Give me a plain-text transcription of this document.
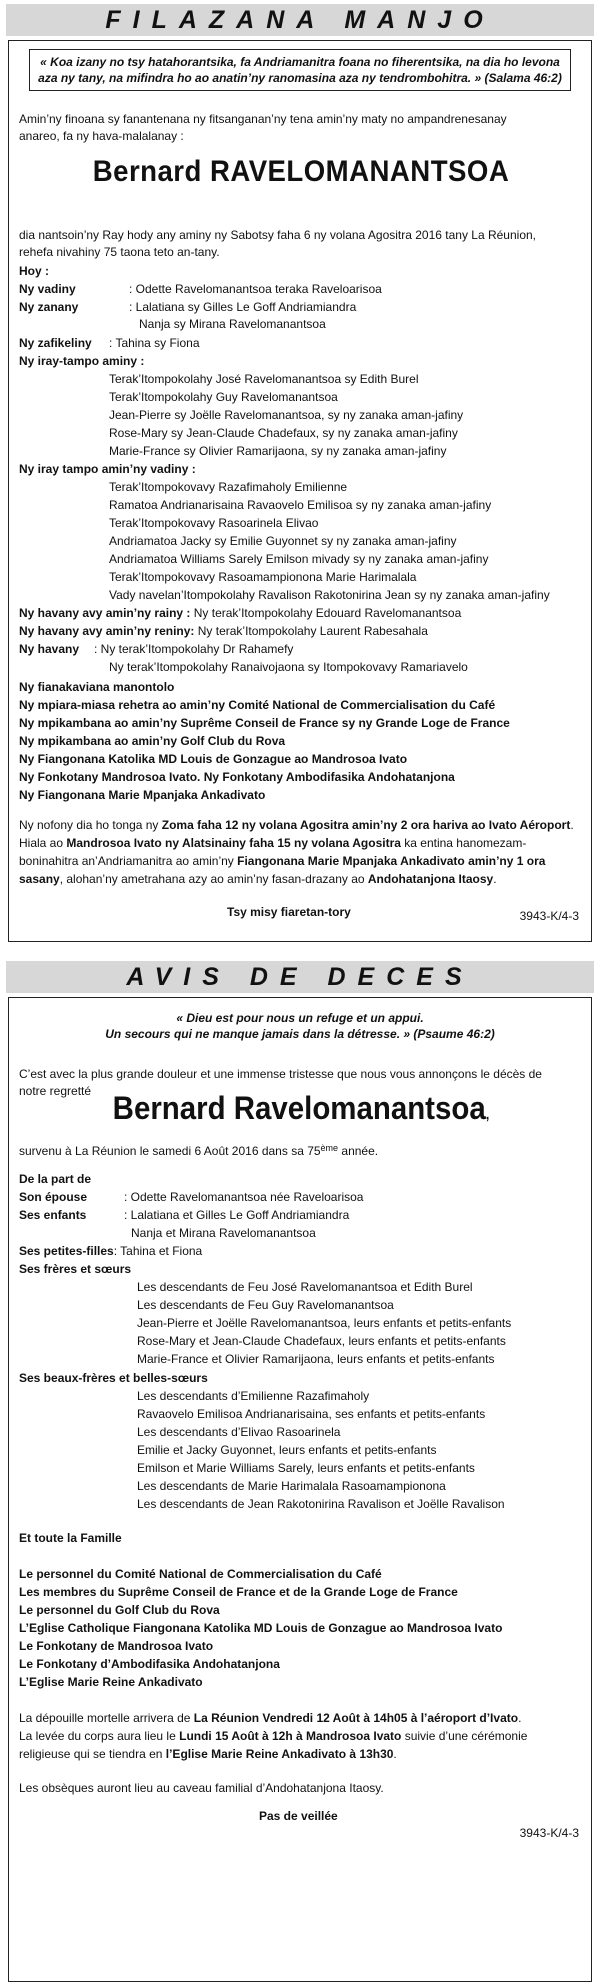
FILAZANA MANJO
« Koa izany no tsy hatahorantsika, fa Andriamanitra foana no fiherentsika, na dia ho levona aza ny tany, na mifindra ho ao anatin’ny ranomasina aza ny tendrombohitra. » (Salama 46:2)
Amin’ny finoana sy fanantenana ny fitsanganan’ny tena amin’ny maty no ampandrenesanay
anareo, fa ny hava-malalanay :
Bernard RAVELOMANANTSOA
dia nantsoin’ny Ray hody any aminy ny Sabotsy faha 6 ny volana Agositra 2016 tany La Réunion,
rehefa nivahiny 75 taona teto an-tany.
Hoy :
Ny vadiny	: Odette Ravelomanantsoa teraka Raveloarisoa
Ny zanany	: Lalatiana sy Gilles Le Goff Andriamiandra
Nanja sy Mirana Ravelomanantsoa
Ny zafikeliny : Tahina sy Fiona
Ny iray-tampo aminy :
Terak’Itompokolahy José Ravelomanantsoa sy Edith Burel
Terak’Itompokolahy Guy Ravelomanantsoa
Jean-Pierre sy Joëlle Ravelomanantsoa, sy ny zanaka aman-jafiny
Rose-Mary sy Jean-Claude Chadefaux, sy ny zanaka aman-jafiny
Marie-France sy Olivier Ramarijaona, sy ny zanaka aman-jafiny
Ny iray tampo amin’ny vadiny :
Terak’Itompokovavy Razafimaholy Emilienne
Ramatoa Andrianarisaina Ravaovelo Emilisoa sy ny zanaka aman-jafiny
Terak’Itompokovavy Rasoarinela Elivao
Andriamatoa Jacky sy Emilie Guyonnet sy ny zanaka aman-jafiny
Andriamatoa Williams Sarely Emilson mivady sy ny zanaka aman-jafiny
Terak’Itompokovavy Rasoamampionona Marie Harimalala
Vady navelan’Itompokolahy Ravalison Rakotonirina Jean sy ny zanaka aman-jafiny
Ny havany avy amin’ny rainy : Ny terak’Itompokolahy Edouard Ravelomanantsoa
Ny havany avy amin’ny reniny: Ny terak’Itompokolahy Laurent Rabesahala
Ny havany : Ny terak’Itompokolahy Dr Rahamefy
Ny terak’Itompokolahy Ranaivojaona sy Itompokovavy Ramariavelo
Ny fianakaviana manontolo
Ny mpiara-miasa rehetra ao amin’ny Comité National de Commercialisation du Café
Ny mpikambana ao amin’ny Suprême Conseil de France sy ny Grande Loge de France
Ny mpikambana ao amin’ny Golf Club du Rova
Ny Fiangonana Katolika MD Louis de Gonzague ao Mandrosoa Ivato
Ny Fonkotany Mandrosoa Ivato. Ny Fonkotany Ambodifasika Andohatanjona
Ny Fiangonana Marie Mpanjaka Ankadivato
Ny nofony dia ho tonga ny Zoma faha 12 ny volana Agositra amin’ny 2 ora hariva ao Ivato Aéroport.
Hiala ao Mandrosoa Ivato ny Alatsinainy faha 15 ny volana Agositra ka entina hanomezam-
boninahitra an’Andriamanitra ao amin’ny Fiangonana Marie Mpanjaka Ankadivato amin’ny 1 ora
sasany, alohan’ny ametrahana azy ao amin’ny fasan-drazany ao Andohatanjona Itaosy.
Tsy misy fiaretan-tory	3943-K/4-3
AVIS DE DECES
« Dieu est pour nous un refuge et un appui.
Un secours qui ne manque jamais dans la détresse. » (Psaume 46:2)
C’est avec la plus grande douleur et une immense tristesse que nous vous annonçons le décès de
notre regretté Bernard Ravelomanantsoa,
survenu à La Réunion le samedi 6 Août 2016 dans sa 75ème année.
De la part de
Son épouse	: Odette Ravelomanantsoa née Raveloarisoa
Ses enfants	: Lalatiana et Gilles Le Goff Andriamiandra
Nanja et Mirana Ravelomanantsoa
Ses petites-filles: Tahina et Fiona
Ses frères et sœurs
Les descendants de Feu José Ravelomanantsoa et Edith Burel
Les descendants de Feu Guy Ravelomanantsoa
Jean-Pierre et Joëlle Ravelomanantsoa, leurs enfants et petits-enfants
Rose-Mary et Jean-Claude Chadefaux, leurs enfants et petits-enfants
Marie-France et Olivier Ramarijaona, leurs enfants et petits-enfants
Ses beaux-frères et belles-sœurs
Les descendants d’Emilienne Razafimaholy
Ravaovelo Emilisoa Andrianarisaina, ses enfants et petits-enfants
Les descendants d’Elivao Rasoarinela
Emilie et Jacky Guyonnet, leurs enfants et petits-enfants
Emilson et Marie Williams Sarely, leurs enfants et petits-enfants
Les descendants de Marie Harimalala Rasoamampionona
Les descendants de Jean Rakotonirina Ravalison et Joëlle Ravalison
Et toute la Famille
Le personnel du Comité National de Commercialisation du Café
Les membres du Suprême Conseil de France et de la Grande Loge de France
Le personnel du Golf Club du Rova
L’Eglise Catholique Fiangonana Katolika MD Louis de Gonzague ao Mandrosoa Ivato
Le Fonkotany de Mandrosoa Ivato
Le Fonkotany d’Ambodifasika Andohatanjona
L’Eglise Marie Reine Ankadivato
La dépouille mortelle arrivera de La Réunion Vendredi 12 Août à 14h05 à l’aéroport d’Ivato.
La levée du corps aura lieu le Lundi 15 Août à 12h à Mandrosoa Ivato suivie d’une cérémonie
religieuse qui se tiendra en l’Eglise Marie Reine Ankadivato à 13h30.
Les obsèques auront lieu au caveau familial d’Andohatanjona Itaosy.
Pas de veillée
3943-K/4-3
